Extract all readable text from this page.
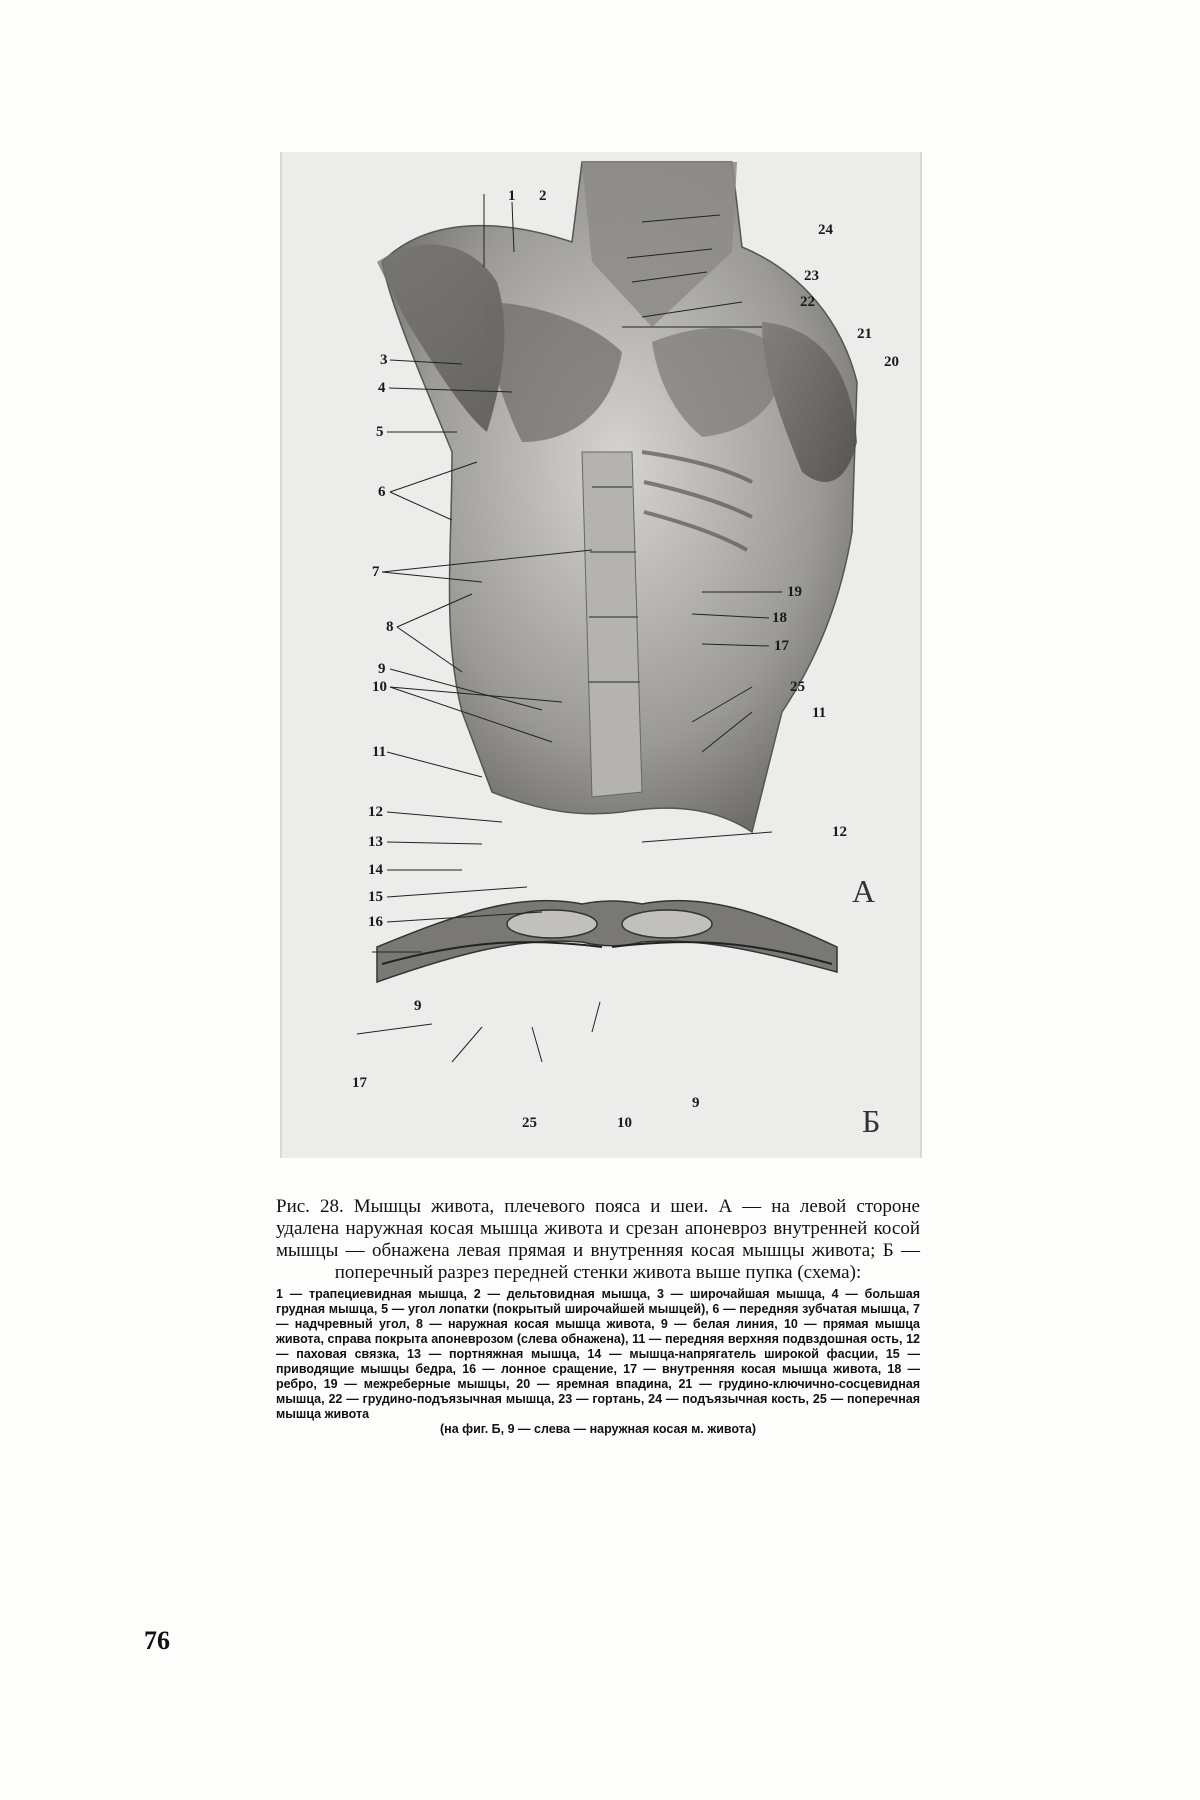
1 2
3
4
5
6
7
8
9
10
11
12
13
14
15
16
17
18
19
20
21
22
23
24
25
11
12
А
9
17
25	10
9	Б

Рис. 28. Мышцы живота, плечевого пояса и шеи. А — на левой стороне удалена наружная косая мышца живота и срезан апоневроз внутренней косой мышцы — обнажена левая прямая и внутренняя косая мышцы живота; Б — поперечный разрез передней стенки живота выше пупка (схема):

1 — трапециевидная мышца, 2 — дельтовидная мышца, 3 — широчайшая мышца, 4 — большая грудная мышца, 5 — угол лопатки (покрытый широчайшей мышцей), 6 — передняя зубчатая мышца, 7 — надчревный угол, 8 — наружная косая мышца живота, 9 — белая линия, 10 — прямая мышца живота, справа покрыта апоневрозом (слева обнажена), 11 — передняя верхняя подвздошная ость, 12 — паховая связка, 13 — портняжная мышца, 14 — мышца-напрягатель широкой фасции, 15 — приводящие мышцы бедра, 16 — лонное сращение, 17 — внутренняя косая мышца живота, 18 — ребро, 19 — межреберные мышцы, 20 — яремная впадина, 21 — грудино-ключично-сосцевидная мышца, 22 — грудино-подъязычная мышца, 23 — гортань, 24 — подъязычная кость, 25 — поперечная мышца живота

(на фиг. Б, 9 — слева — наружная косая м. живота)

76
